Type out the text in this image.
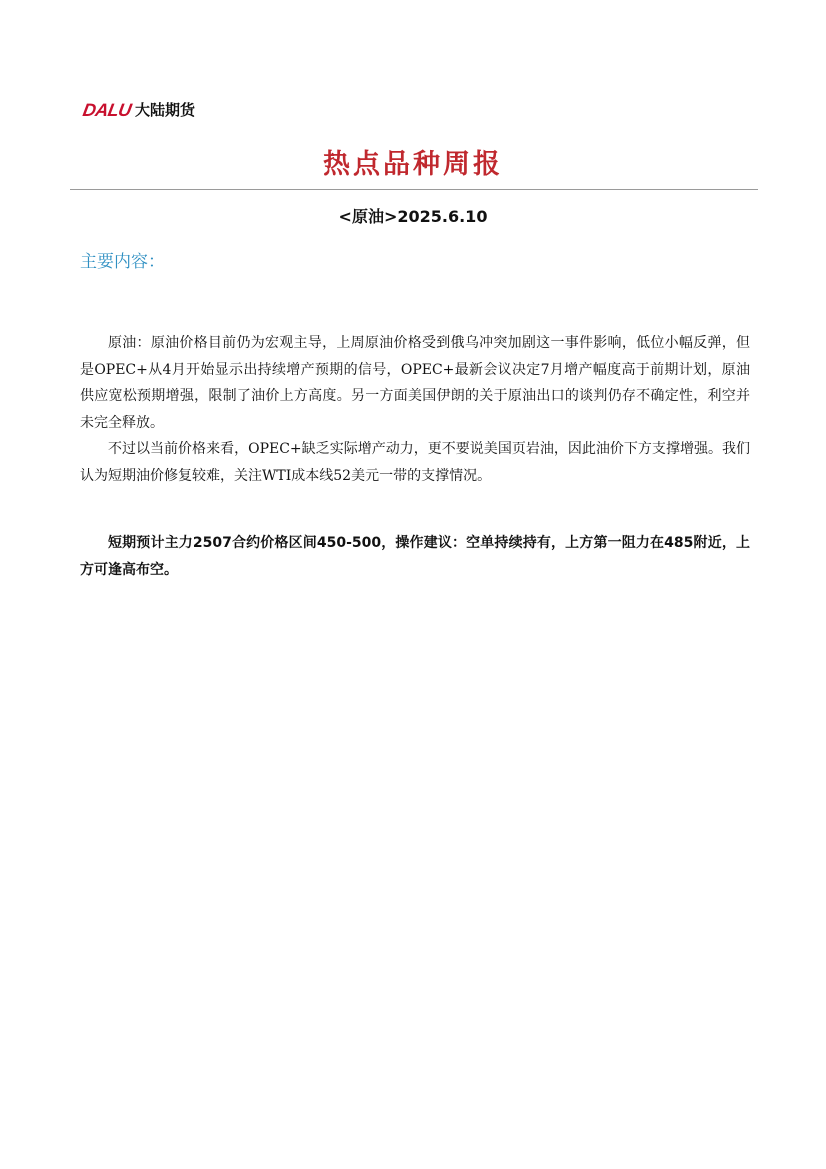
DALU 大陆期货
热点品种周报
<原油>2025.6.10
主要内容：

原油：原油价格目前仍为宏观主导，上周原油价格受到俄乌冲突加剧这一事件影响，低位小幅反弹，但是OPEC+从4月开始显示出持续增产预期的信号，OPEC+最新会议决定7月增产幅度高于前期计划，原油供应宽松预期增强，限制了油价上方高度。另一方面美国伊朗的关于原油出口的谈判仍存不确定性，利空并未完全释放。

不过以当前价格来看，OPEC+缺乏实际增产动力，更不要说美国页岩油，因此油价下方支撑增强。我们认为短期油价修复较难，关注WTI成本线52美元一带的支撑情况。

短期预计主力2507合约价格区间450-500，操作建议：空单持续持有，上方第一阻力在485附近，上方可逢高布空。
